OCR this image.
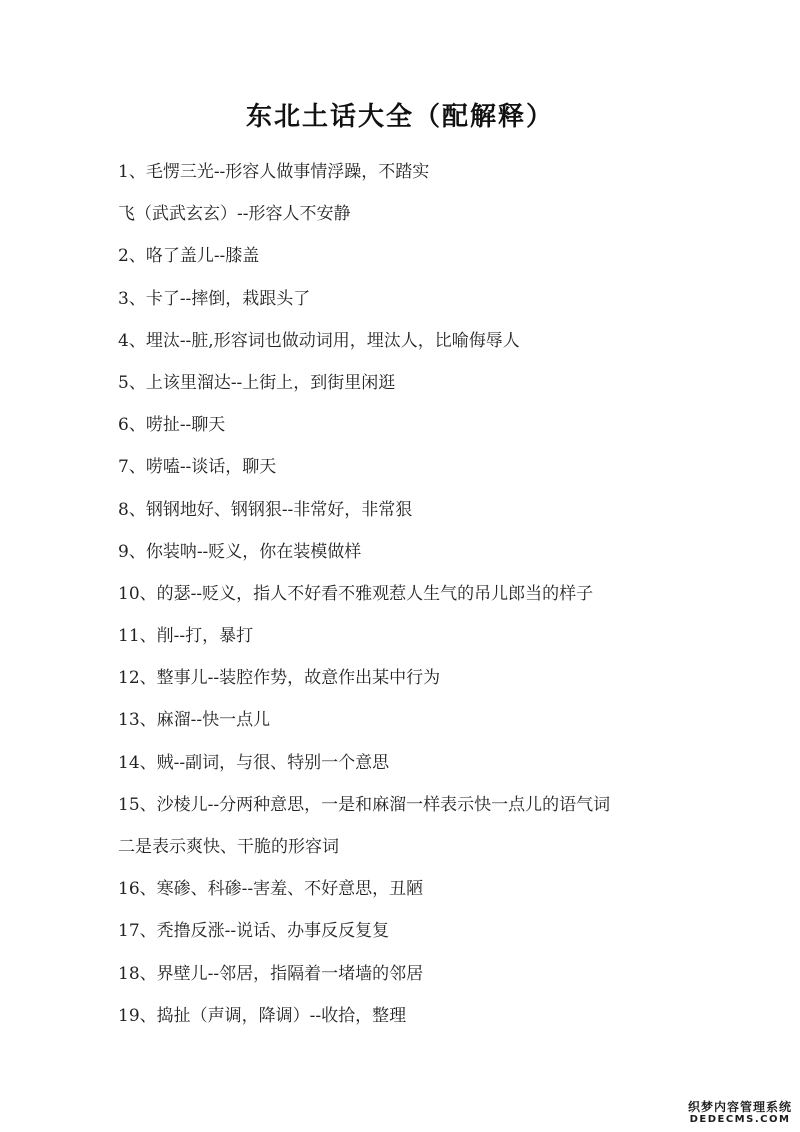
东北土话大全（配解释）
1、毛愣三光--形容人做事情浮躁，不踏实
飞（武武玄玄）--形容人不安静
2、咯了盖儿--膝盖
3、卡了--摔倒，栽跟头了
4、埋汰--脏,形容词也做动词用，埋汰人，比喻侮辱人
5、上该里溜达--上街上，到街里闲逛
6、唠扯--聊天
7、唠嗑--谈话，聊天
8、钢钢地好、钢钢狠--非常好，非常狠
9、你装呐--贬义，你在装模做样
10、的瑟--贬义，指人不好看不雅观惹人生气的吊儿郎当的样子
11、削--打，暴打
12、整事儿--装腔作势，故意作出某中行为
13、麻溜--快一点儿
14、贼--副词，与很、特别一个意思
15、沙棱儿--分两种意思，一是和麻溜一样表示快一点儿的语气词
二是表示爽快、干脆的形容词
16、寒碜、科碜--害羞、不好意思，丑陋
17、秃撸反涨--说话、办事反反复复
18、界壁儿--邻居，指隔着一堵墙的邻居
19、捣扯（声调，降调）--收拾，整理
织梦内容管理系统
DEDECMS.COM
